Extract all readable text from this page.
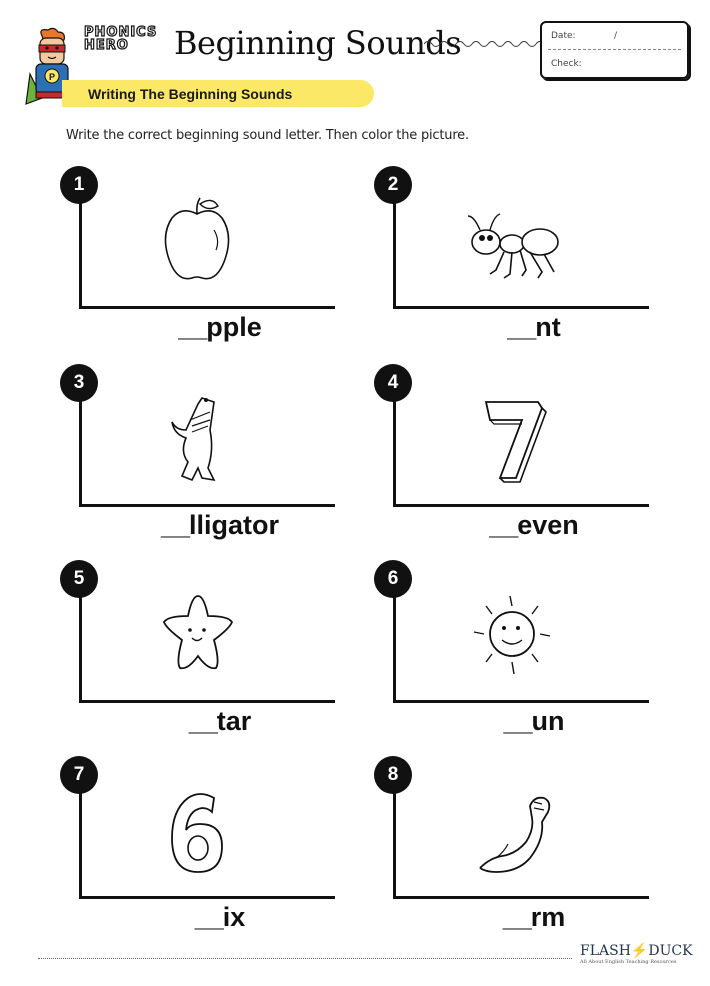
P
PHONICS
HERO	Beginning Sounds	Date:	/
Check:
Writing The Beginning Sounds
Write the correct beginning sound letter. Then color the picture.
1
__pple
2
__nt
3
__lligator
4
__even
5
__tar
6
__un
7
__ix
8
__rm
FLASH⚡DUCK
All About English Teaching Resources
